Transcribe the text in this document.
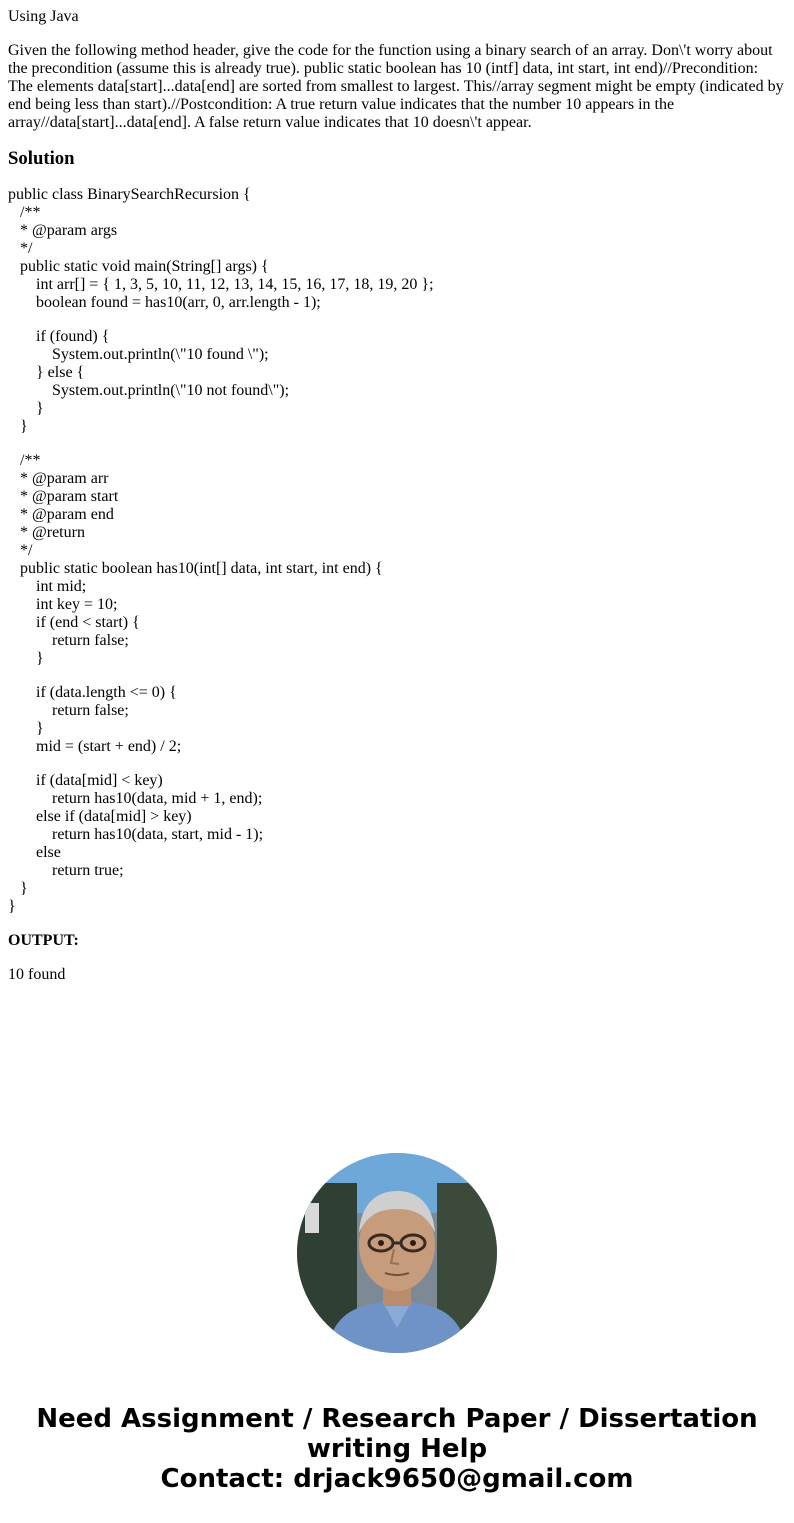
Using Java

Given the following method header, give the code for the function using a binary search of an array. Don\'t worry about the precondition (assume this is already true). public static boolean has 10 (intf] data, int start, int end)//Precondition: The elements data[start]...data[end] are sorted from smallest to largest. This//array segment might be empty (indicated by end being less than start).//Postcondition: A true return value indicates that the number 10 appears in the array//data[start]...data[end]. A false return value indicates that 10 doesn\'t appear.

Solution
public class BinarySearchRecursion {
/**
* @param args
*/
public static void main(String[] args) {
int arr[] = { 1, 3, 5, 10, 11, 12, 13, 14, 15, 16, 17, 18, 19, 20 };
boolean found = has10(arr, 0, arr.length - 1);
if (found) {
System.out.println(\"10 found \");
} else {
System.out.println(\"10 not found\");
}
}
/**
* @param arr
* @param start
* @param end
* @return
*/
public static boolean has10(int[] data, int start, int end) {
int mid;
int key = 10;
if (end < start) {
return false;
}
if (data.length <= 0) {
return false;
}
mid = (start + end) / 2;
if (data[mid] < key)
return has10(data, mid + 1, end);
else if (data[mid] > key)
return has10(data, start, mid - 1);
else
return true;
}
}

OUTPUT:

10 found

Need Assignment / Research Paper / Dissertation
writing Help
Contact: drjack9650@gmail.com
